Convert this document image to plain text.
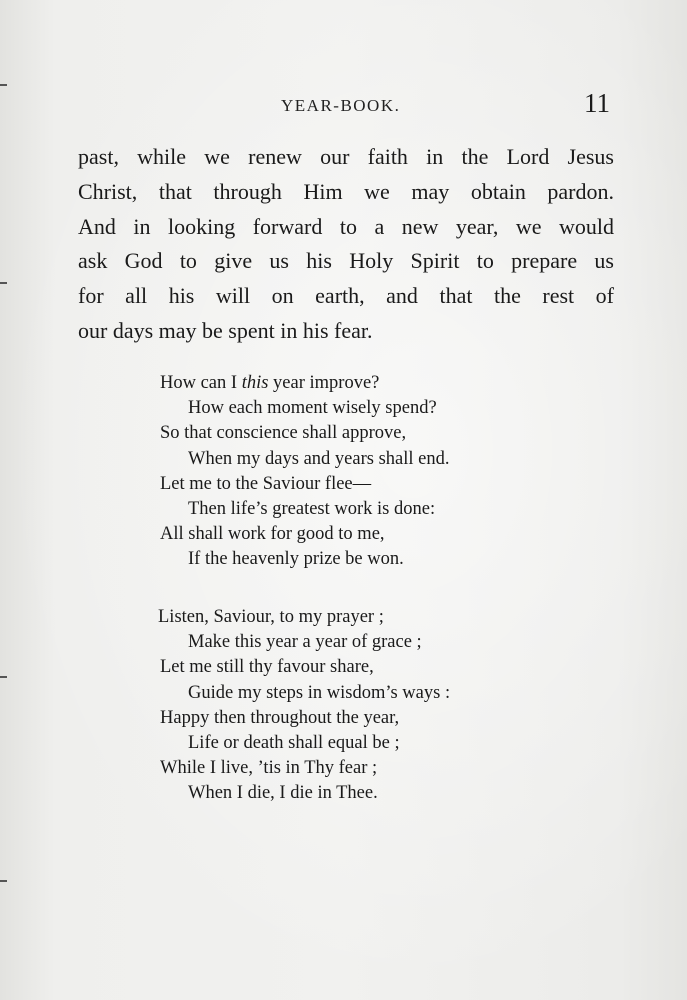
YEAR-BOOK.	11
past, while we renew our faith in the Lord Jesus
Christ, that through Him we may obtain pardon.
And in looking forward to a new year, we would
ask God to give us his Holy Spirit to prepare us
for all his will on earth, and that the rest of
our days may be spent in his fear.
How can I this year improve?
How each moment wisely spend?
So that conscience shall approve,
When my days and years shall end.
Let me to the Saviour flee—
Then life’s greatest work is done:
All shall work for good to me,
If the heavenly prize be won.
Listen, Saviour, to my prayer ;
Make this year a year of grace ;
Let me still thy favour share,
Guide my steps in wisdom’s ways :
Happy then throughout the year,
Life or death shall equal be ;
While I live, ’tis in Thy fear ;
When I die, I die in Thee.
